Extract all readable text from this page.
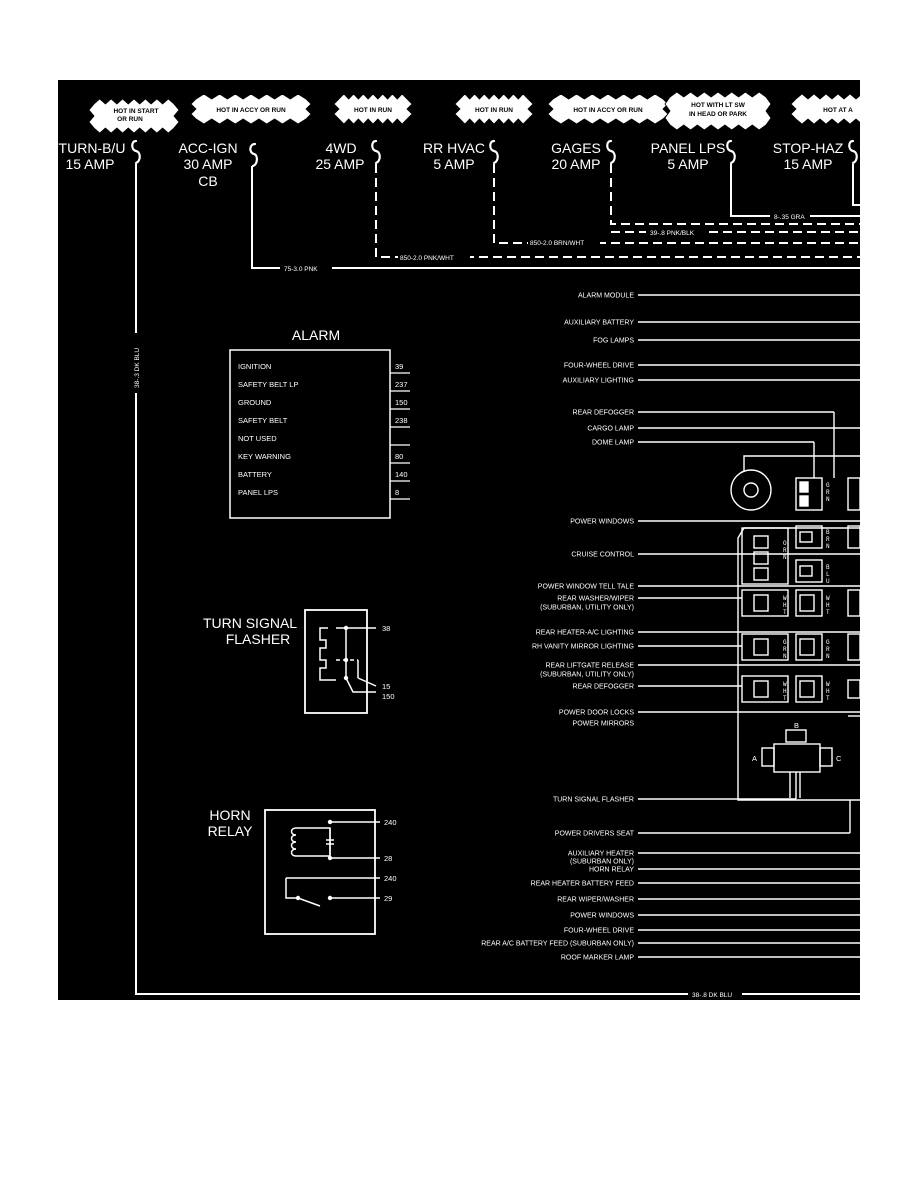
HOT IN START
OR RUN
HOT IN ACCY OR RUN	HOT IN RUN	HOT IN RUN	HOT IN ACCY OR RUN
HOT WITH LT SW
IN HEAD OR PARK
HOT AT A
TURN-B/U
15 AMP
ACC-IGN
30 AMP
CB
4WD
25 AMP
RR HVAC
5 AMP
GAGES
20 AMP
PANEL LPS
5 AMP
STOP-HAZ
15 AMP
39-.8 PNK/BLK
8-.35 GRA
850-2.0 BRN/WHT
850-2.0 PNK/WHT
75-3.0 PNK
38-.8 DK BLU
38-.3 DK BLU
ALARM
IGNITION	39
SAFETY BELT LP	237
GROUND	150
SAFETY BELT	238
NOT USED
KEY WARNING	80
BATTERY	140
PANEL LPS	8
TURN SIGNAL
FLASHER
38
15
150
HORN
RELAY
240
28
240
29
ALARM MODULE
AUXILIARY BATTERY
FOG LAMPS
FOUR-WHEEL DRIVE
AUXILIARY LIGHTING
REAR DEFOGGER
CARGO LAMP
DOME LAMP
POWER WINDOWS
CRUISE CONTROL
POWER WINDOW TELL TALE
REAR WASHER/WIPER
(SUBURBAN, UTILITY ONLY)
REAR HEATER-A/C LIGHTING
RH VANITY MIRROR LIGHTING
REAR LIFTGATE RELEASE
(SUBURBAN, UTILITY ONLY)
REAR DEFOGGER
POWER DOOR LOCKS
POWER MIRRORS
TURN SIGNAL FLASHER
POWER DRIVERS SEAT
AUXILIARY HEATER
(SUBURBAN ONLY)
HORN RELAY
REAR HEATER BATTERY FEED
REAR WIPER/WASHER
POWER WINDOWS
FOUR-WHEEL DRIVE
REAR A/C BATTERY FEED (SUBURBAN ONLY)
ROOF MARKER LAMP
G R N
B R N
O R N
B L U
W H T
W H T
G R N
G R N
W H T
W H T
B
A	C
